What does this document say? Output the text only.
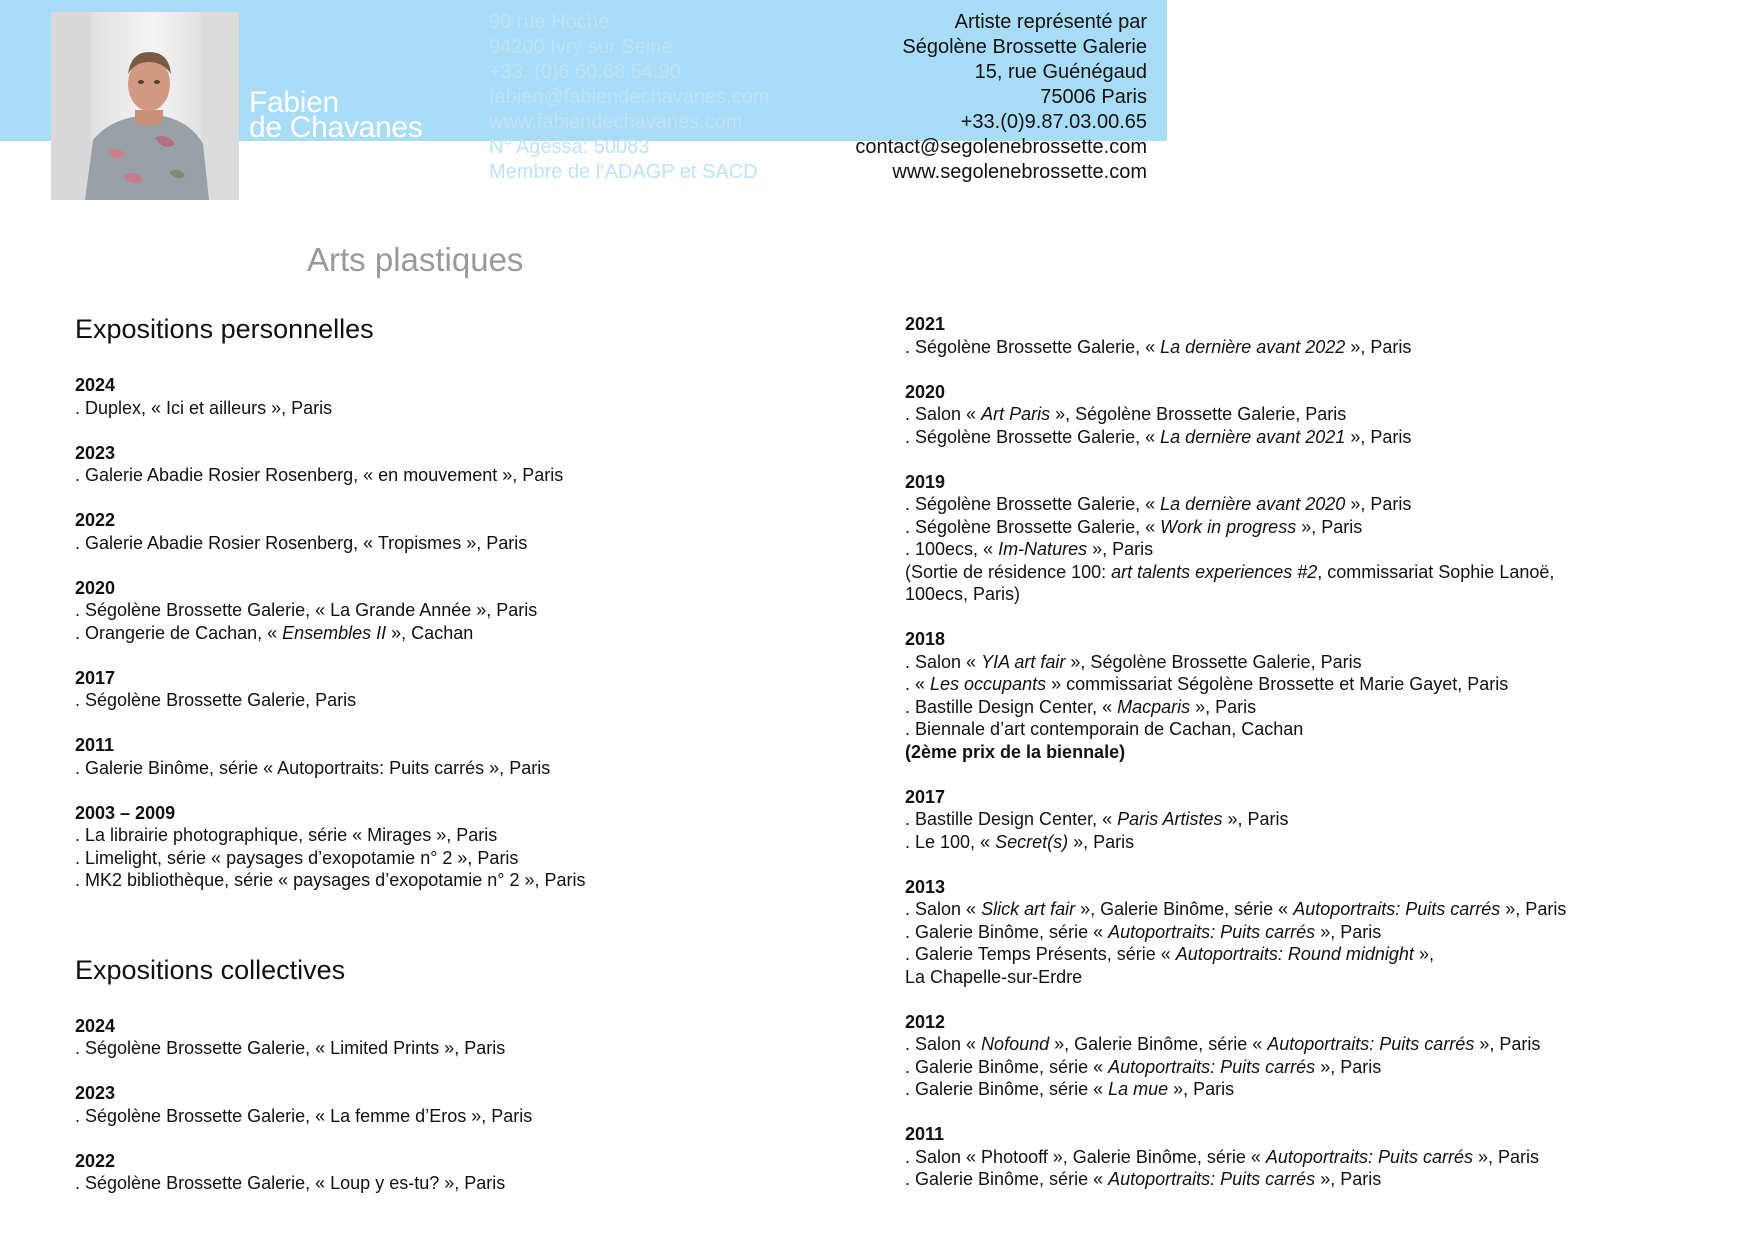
Fabien
de Chavanes
Mixed media artist
Né à Nice le 02/08/1974
90 rue Hoche
94200 Ivry sur Seine
+33. (0)6.60.68.54.90
fabien@fabiendechavanes.com
www.fabiendechavanes.com
N° Agessa: 50083
Membre de l’ADAGP et SACD
Artiste représenté par
Ségolène Brossette Galerie
15, rue Guénégaud
75006 Paris
+33.(0)9.87.03.00.65
contact@segolenebrossette.com
www.segolenebrossette.com
Arts plastiques
Expositions personnelles
2024
. Duplex, « Ici et ailleurs », Paris
2023
. Galerie Abadie Rosier Rosenberg, « en mouvement », Paris
2022
. Galerie Abadie Rosier Rosenberg, « Tropismes », Paris
2020
. Ségolène Brossette Galerie, « La Grande Année », Paris
. Orangerie de Cachan, « Ensembles II », Cachan
2017
. Ségolène Brossette Galerie, Paris
2011
. Galerie Binôme, série « Autoportraits: Puits carrés », Paris
2003 – 2009
. La librairie photographique, série « Mirages », Paris
. Limelight, série « paysages d’exopotamie n° 2 », Paris
. MK2 bibliothèque, série « paysages d’exopotamie n° 2 », Paris
Expositions collectives
2024
. Ségolène Brossette Galerie, « Limited Prints », Paris
2023
. Ségolène Brossette Galerie, « La femme d’Eros », Paris
2022
. Ségolène Brossette Galerie, « Loup y es-tu? », Paris
2021
. Ségolène Brossette Galerie, « La dernière avant 2022 », Paris
2020
. Salon « Art Paris », Ségolène Brossette Galerie, Paris
. Ségolène Brossette Galerie, « La dernière avant 2021 », Paris
2019
. Ségolène Brossette Galerie, « La dernière avant 2020 », Paris
. Ségolène Brossette Galerie, « Work in progress », Paris
. 100ecs, « Im-Natures », Paris
(Sortie de résidence 100: art talents experiences #2, commissariat Sophie Lanoë,
100ecs, Paris)
2018
. Salon « YIA art fair », Ségolène Brossette Galerie, Paris
. « Les occupants » commissariat Ségolène Brossette et Marie Gayet, Paris
. Bastille Design Center, « Macparis », Paris
. Biennale d’art contemporain de Cachan, Cachan
(2ème prix de la biennale)
2017
. Bastille Design Center, « Paris Artistes », Paris
. Le 100, « Secret(s) », Paris
2013
. Salon « Slick art fair », Galerie Binôme, série « Autoportraits: Puits carrés », Paris
. Galerie Binôme, série « Autoportraits: Puits carrés », Paris
. Galerie Temps Présents, série « Autoportraits: Round midnight »,
La Chapelle-sur-Erdre
2012
. Salon « Nofound », Galerie Binôme, série « Autoportraits: Puits carrés », Paris
. Galerie Binôme, série « Autoportraits: Puits carrés », Paris
. Galerie Binôme, série « La mue », Paris
2011
. Salon « Photooff », Galerie Binôme, série « Autoportraits: Puits carrés », Paris
. Galerie Binôme, série « Autoportraits: Puits carrés », Paris
